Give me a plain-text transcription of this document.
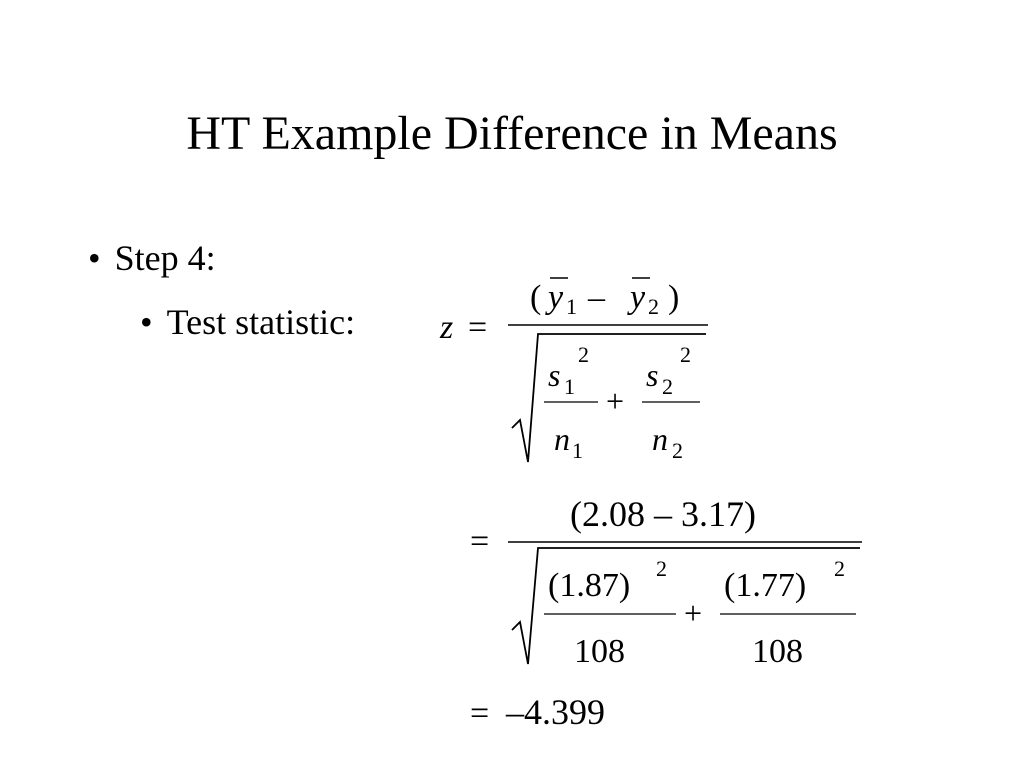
HT Example Difference in Means
• Step 4:
• Test statistic: z =
( y 1 – y 2 )
s 1
2
n 1
+
s 2
2
n 2
=
(2.08 – 3.17)
(1.87) 2
108
+
(1.77) 2
108
= –4.399
